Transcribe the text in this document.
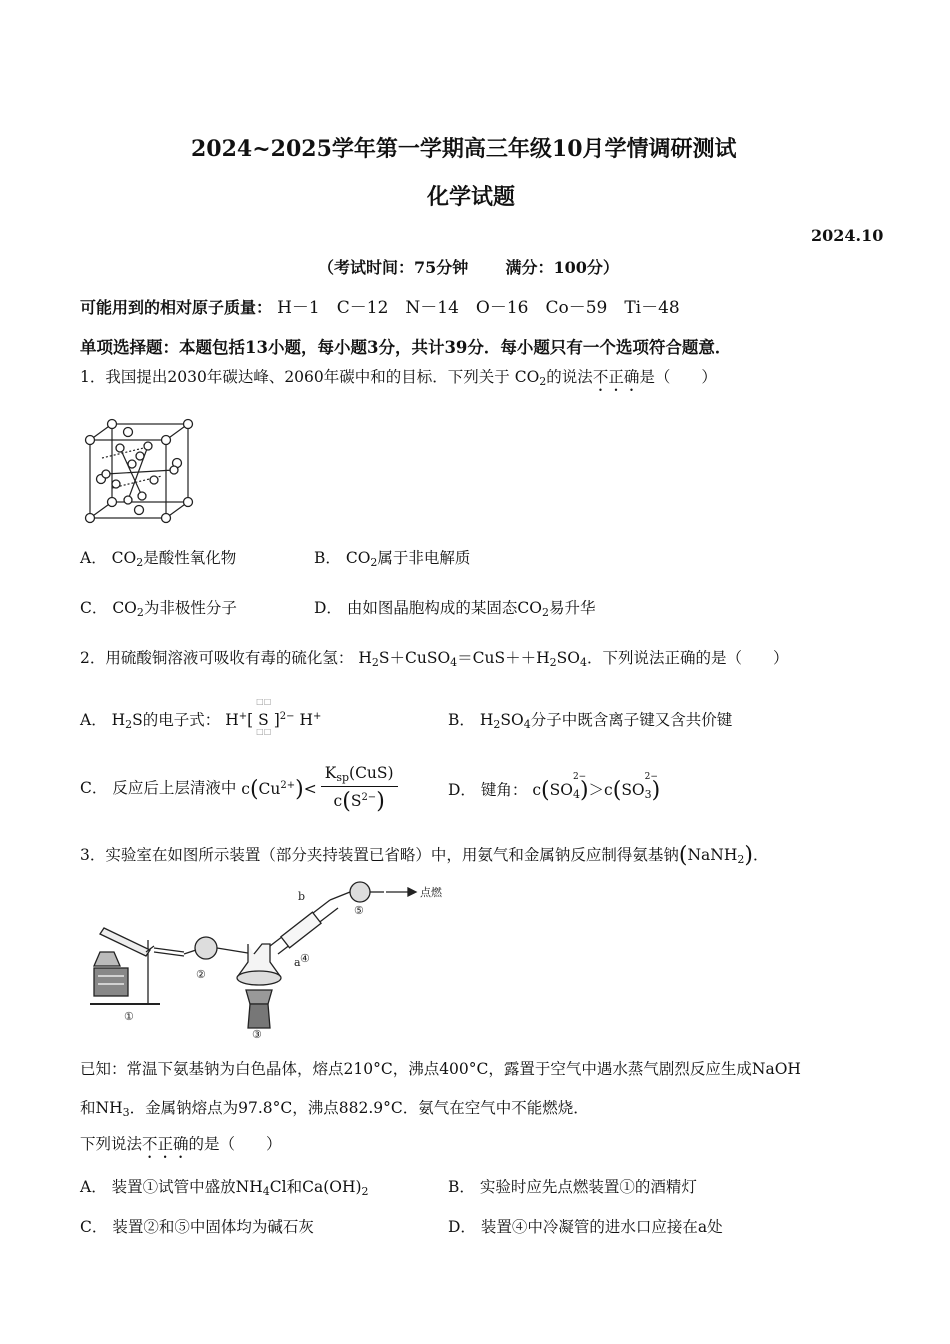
2024~2025学年第一学期高三年级10月学情调研测试
化学试题
2024.10
（考试时间：75分钟 满分：100分）
可能用到的相对原子质量： H－1　C－12　N－14　O－16　Co－59　Ti－48
单项选择题：本题包括13小题，每小题3分，共计39分．每小题只有一个选项符合题意．
1．我国提出2030年碳达峰、2060年碳中和的目标．下列关于 $CO_2$的说法不正确是（　　）
A． $CO_2$是酸性氧化物	B． $CO_2$属于非电解质
C． $CO_2$为非极性分子	D． 由如图晶胞构成的某固态$CO_2$易升华
2．用硫酸铜溶液可吸收有毒的硫化氢： $H_2S+CuSO_4=CuS++H_2SO_4$．下列说法正确的是（　　）
A． $H_2S$的电子式： H+[ S
□□
□□
]$^{2-}$ H+	B． $H_2SO_4$分子中既含离子键又含共价键
C． 反应后上层清液中 $c(Cu^{2+})< \frac{K_{sp}(CuS)}{c(S^{2-})}$	D． 键角： c(SO
$_{2- 4}$)＞c(SO
$_{2- 3}$)
3．实验室在如图所示装置（部分夹持装置已省略）中，用氨气和金属钠反应制得氨基钠(NaNH$_2$)．
②
①
③
④
⑤
b
a
点燃
已知：常温下氨基钠为白色晶体，熔点210°C，沸点400°C，露置于空气中遇水蒸气剧烈反应生成NaOH
和$NH_3$．金属钠熔点为97.8°C，沸点882.9°C．氨气在空气中不能燃烧．
下列说法不正确的是（　　）
A． 装置①试管中盛放$NH_4Cl$和$Ca(OH)_2$	B． 实验时应先点燃装置①的酒精灯
C． 装置②和⑤中固体均为碱石灰	D． 装置④中冷凝管的进水口应接在a处
